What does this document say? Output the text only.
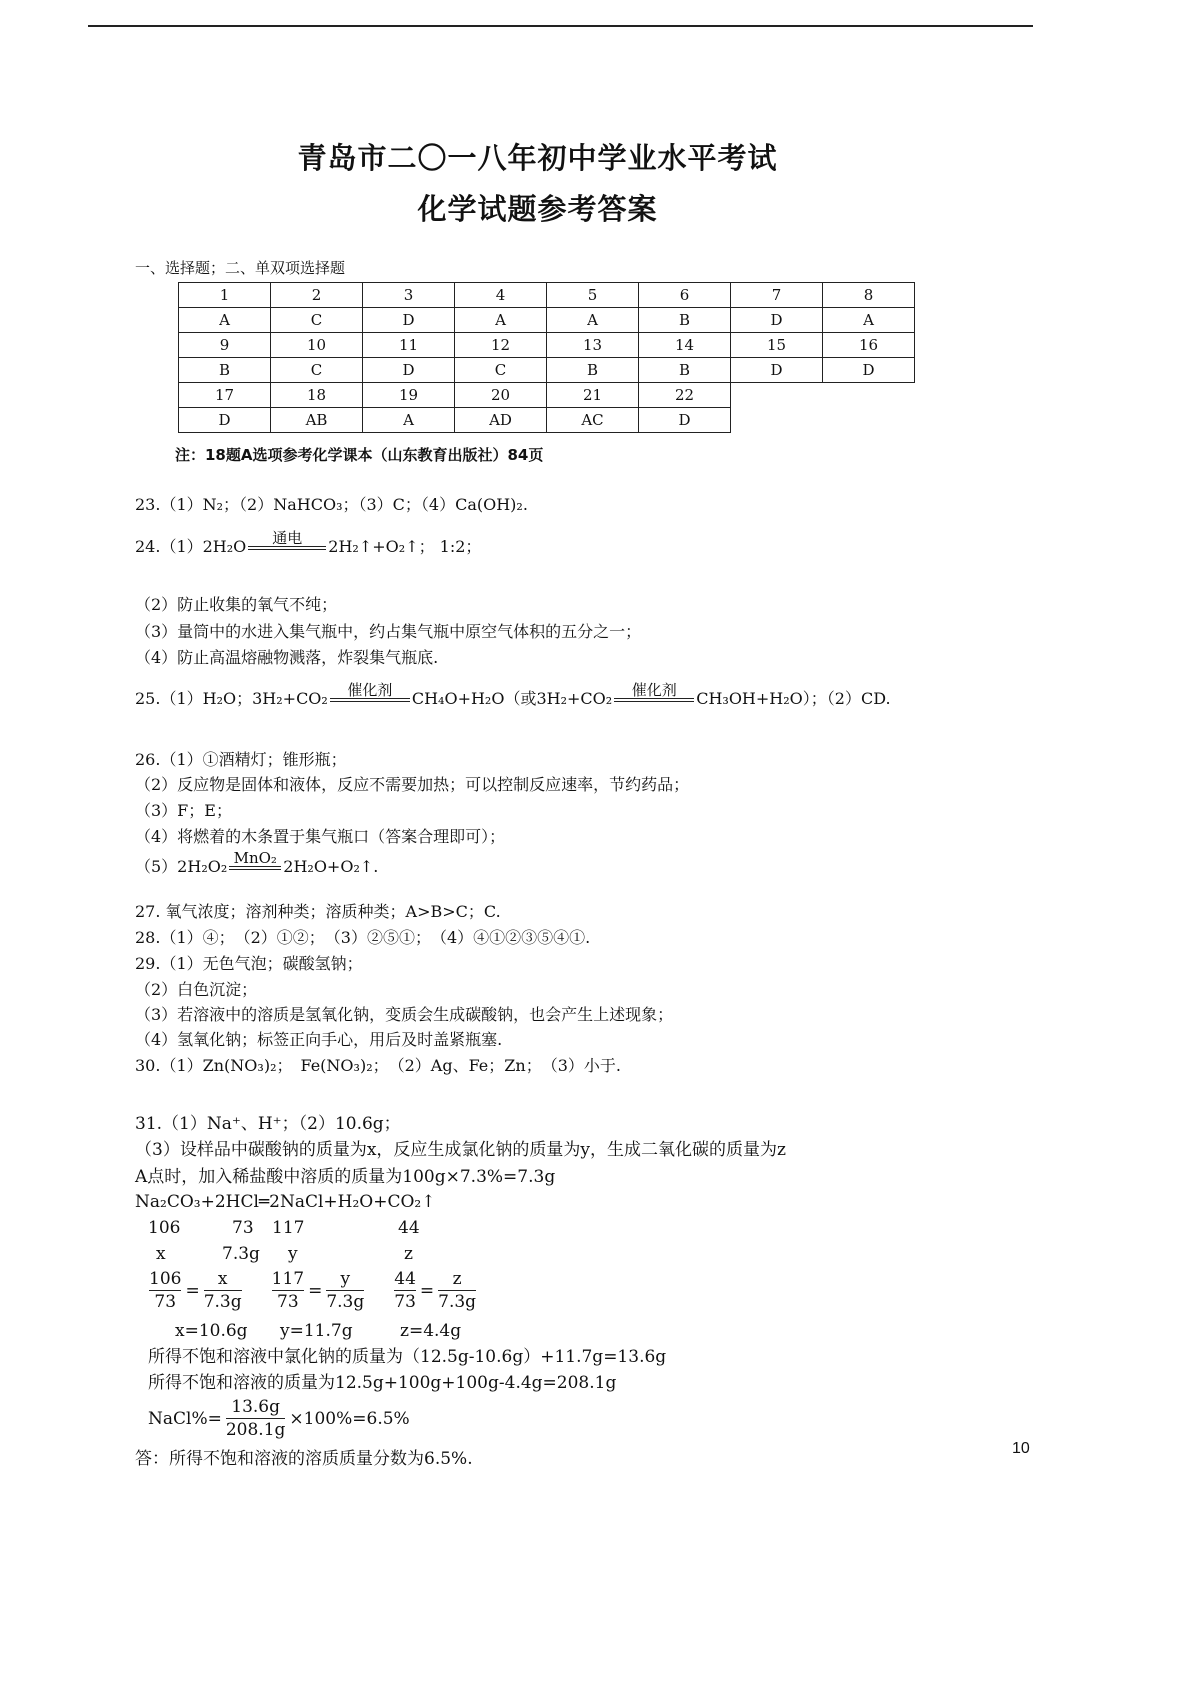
青岛市二〇一八年初中学业水平考试
化学试题参考答案
一、选择题；二、单双项选择题
1	2	3	4	5	6	7	8
A	C	D	A	A	B	D	A
9	10	11	12	13	14	15	16
B	C	D	C	B	B	D	D
17	18	19	20	21	22		
D	AB	A	AD	AC	D		
注：18题A选项参考化学课本（山东教育出版社）84页
23.（1）N₂；（2）NaHCO₃；（3）C；（4）Ca(OH)₂.
24.（1）2H₂O	通电	2H₂↑+O₂↑； 1:2；
（2）防止收集的氧气不纯；
（3）量筒中的水进入集气瓶中，约占集气瓶中原空气体积的五分之一；
（4）防止高温熔融物溅落，炸裂集气瓶底.
25.（1）H₂O；3H₂+CO₂	催化剂	CH₄O+H₂O（或3H₂+CO₂	催化剂	CH₃OH+H₂O）；（2）CD.
26.（1）①酒精灯；锥形瓶；
（2）反应物是固体和液体，反应不需要加热；可以控制反应速率，节约药品；
（3）F；E；
（4）将燃着的木条置于集气瓶口（答案合理即可）；
（5）2H₂O₂ MnO₂ 2H₂O+O₂↑.
27. 氧气浓度；溶剂种类；溶质种类；A>B>C；C.
28.（1）④；　（2）①②；　（3）②⑤①；　（4）④①②③⑤④①.
29.（1）无色气泡；碳酸氢钠；
（2）白色沉淀；
（3）若溶液中的溶质是氢氧化钠，变质会生成碳酸钠，也会产生上述现象；
（4）氢氧化钠；标签正向手心，用后及时盖紧瓶塞.
30.（1）Zn(NO₃)₂；　Fe(NO₃)₂；　（2）Ag、Fe；Zn；　（3）小于.
31.（1）Na⁺、H⁺；（2）10.6g；
（3）设样品中碳酸钠的质量为x，反应生成氯化钠的质量为y，生成二氧化碳的质量为z
A点时，加入稀盐酸中溶质的质量为100g×7.3%=7.3g
Na₂CO₃+2HCl═2NaCl+H₂O+CO₂↑
106	73 117	44
x	7.3g y	z
$\frac{106}{73} = \frac{x}{7.3g} \frac{117}{73} = \frac{y}{7.3g} \frac{44}{73} = \frac{z}{7.3g}$
x=10.6g y=11.7g	z=4.4g
所得不饱和溶液中氯化钠的质量为（12.5g-10.6g）+11.7g=13.6g
所得不饱和溶液的质量为12.5g+100g+100g-4.4g=208.1g
NaCl%= $\frac{13.6g}{208.1g} \times 100\%=6.5\%$
答：所得不饱和溶液的溶质质量分数为6.5%.
10
